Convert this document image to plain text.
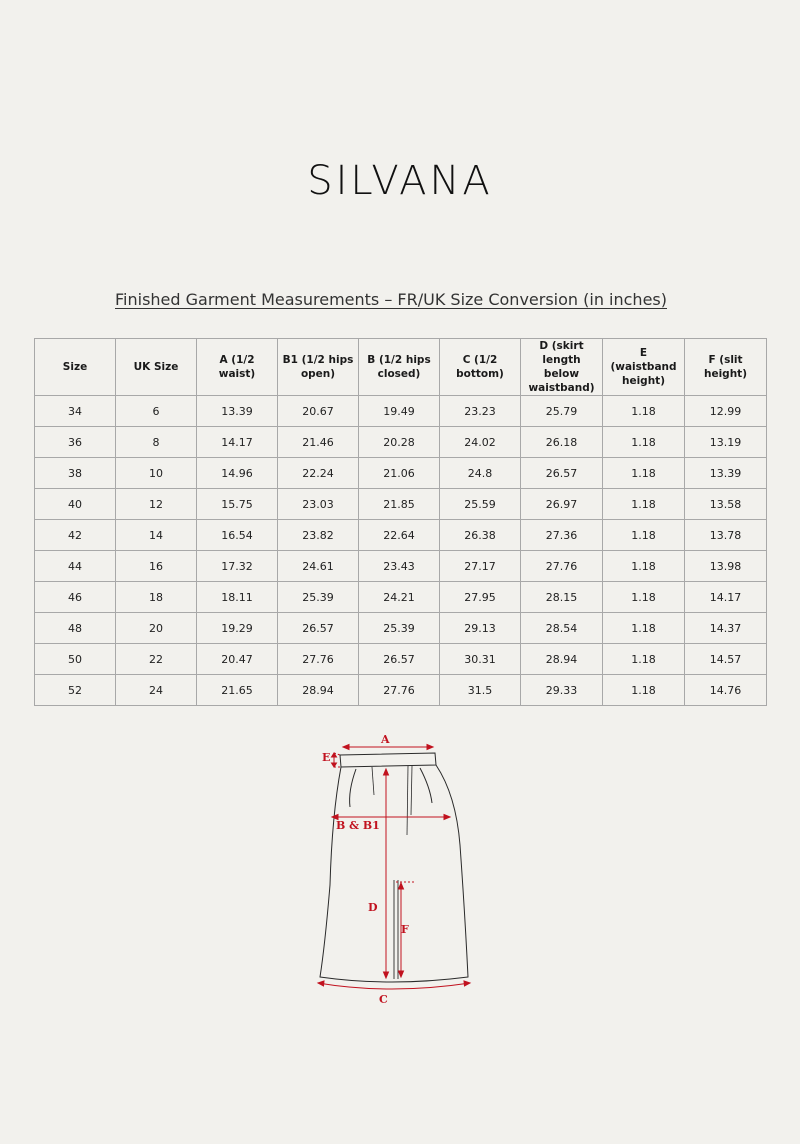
SILVANA
Finished Garment Measurements – FR/UK Size Conversion (in inches)
Size	UK Size	A (1/2 waist)	B1 (1/2 hips open)	B (1/2 hips closed)	C (1/2 bottom)	D (skirt length below waistband)	E (waistband height)	F (slit height)
34	6	13.39	20.67	19.49	23.23	25.79	1.18	12.99
36	8	14.17	21.46	20.28	24.02	26.18	1.18	13.19
38	10	14.96	22.24	21.06	24.8	26.57	1.18	13.39
40	12	15.75	23.03	21.85	25.59	26.97	1.18	13.58
42	14	16.54	23.82	22.64	26.38	27.36	1.18	13.78
44	16	17.32	24.61	23.43	27.17	27.76	1.18	13.98
46	18	18.11	25.39	24.21	27.95	28.15	1.18	14.17
48	20	19.29	26.57	25.39	29.13	28.54	1.18	14.37
50	22	20.47	27.76	26.57	30.31	28.94	1.18	14.57
52	24	21.65	28.94	27.76	31.5	29.33	1.18	14.76
A
E
B & B1
D
F
C
